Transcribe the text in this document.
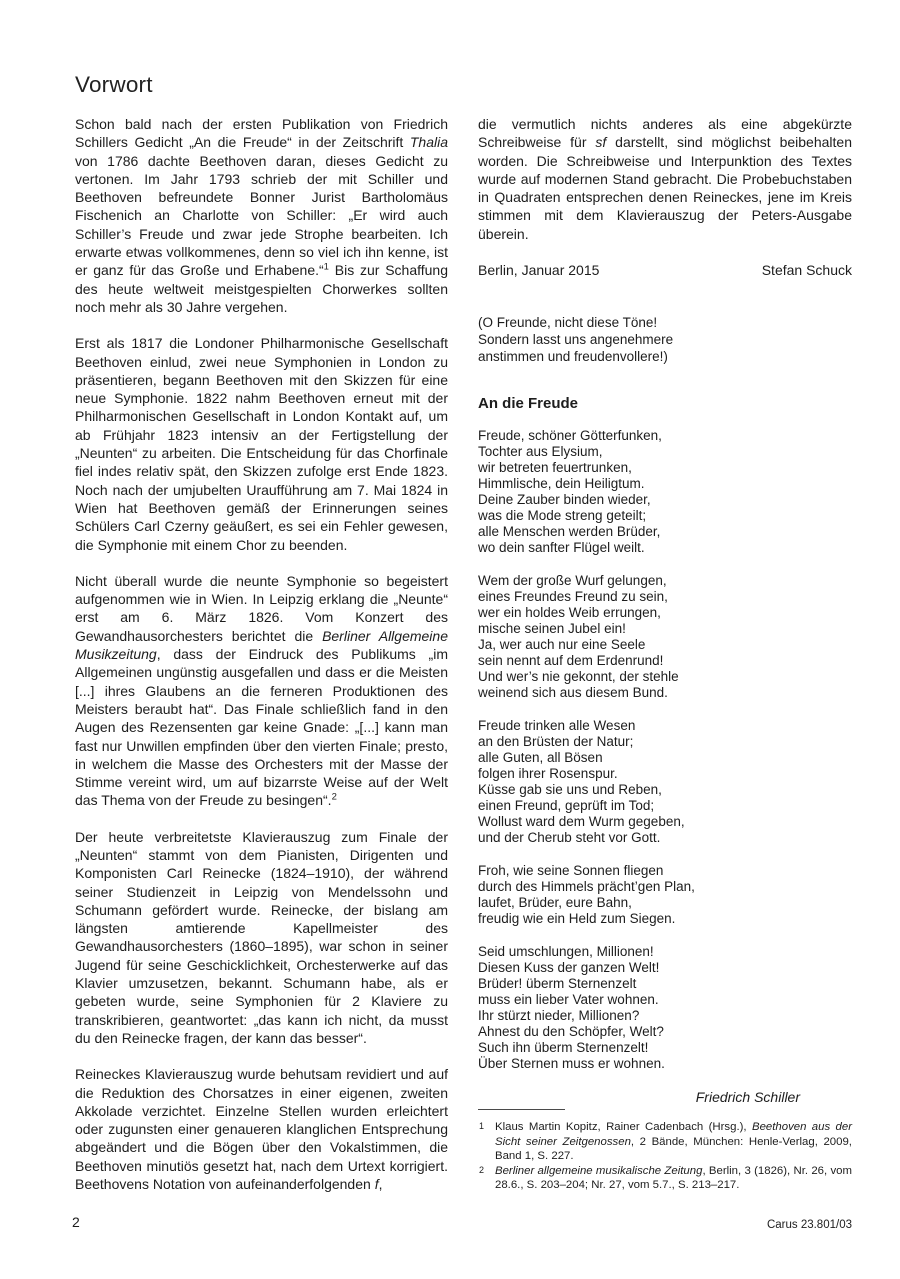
Vorwort

Schon bald nach der ersten Publikation von Friedrich Schillers Gedicht „An die Freude“ in der Zeitschrift Thalia von 1786 dachte Beethoven daran, dieses Gedicht zu vertonen. Im Jahr 1793 schrieb der mit Schiller und Beethoven befreundete Bonner Jurist Bartholomäus Fischenich an Charlotte von Schiller: „Er wird auch Schiller’s Freude und zwar jede Strophe bearbeiten. Ich erwarte etwas vollkommenes, denn so viel ich ihn kenne, ist er ganz für das Große und Erhabene.“$^1$ Bis zur Schaffung des heute weltweit meistgespielten Chorwerkes sollten noch mehr als 30 Jahre vergehen.

Erst als 1817 die Londoner Philharmonische Gesellschaft Beethoven einlud, zwei neue Symphonien in London zu präsentieren, begann Beethoven mit den Skizzen für eine neue Symphonie. 1822 nahm Beethoven erneut mit der Philharmonischen Gesellschaft in London Kontakt auf, um ab Frühjahr 1823 intensiv an der Fertigstellung der „Neunten“ zu arbeiten. Die Entscheidung für das Chorfinale fiel indes relativ spät, den Skizzen zufolge erst Ende 1823. Noch nach der umjubelten Uraufführung am 7. Mai 1824 in Wien hat Beethoven gemäß der Erinnerungen seines Schülers Carl Czerny geäußert, es sei ein Fehler gewesen, die Symphonie mit einem Chor zu beenden.

Nicht überall wurde die neunte Symphonie so begeistert aufgenommen wie in Wien. In Leipzig erklang die „Neunte“ erst am 6. März 1826. Vom Konzert des Gewandhausorchesters berichtet die Berliner Allgemeine Musikzeitung, dass der Eindruck des Publikums „im Allgemeinen ungünstig ausgefallen und dass er die Meisten [...] ihres Glaubens an die ferneren Produktionen des Meisters beraubt hat“. Das Finale schließlich fand in den Augen des Rezensenten gar keine Gnade: „[...] kann man fast nur Unwillen empfinden über den vierten Finale; presto, in welchem die Masse des Orchesters mit der Masse der Stimme vereint wird, um auf bizarrste Weise auf der Welt das Thema von der Freude zu besingen“.$^2$

Der heute verbreitetste Klavierauszug zum Finale der „Neunten“ stammt von dem Pianisten, Dirigenten und Komponisten Carl Reinecke (1824–1910), der während seiner Studienzeit in Leipzig von Mendelssohn und Schumann gefördert wurde. Reinecke, der bislang am längsten amtierende Kapellmeister des Gewandhausorchesters (1860–1895), war schon in seiner Jugend für seine Geschicklichkeit, Orchesterwerke auf das Klavier umzusetzen, bekannt. Schumann habe, als er gebeten wurde, seine Symphonien für 2 Klaviere zu transkribieren, geantwortet: „das kann ich nicht, da musst du den Reinecke fragen, der kann das besser“.

Reineckes Klavierauszug wurde behutsam revidiert und auf die Reduktion des Chorsatzes in einer eigenen, zweiten Akkolade verzichtet. Einzelne Stellen wurden erleichtert oder zugunsten einer genaueren klanglichen Entsprechung abgeändert und die Bögen über den Vokalstimmen, die Beethoven minutiös gesetzt hat, nach dem Urtext korrigiert. Beethovens Notation von aufeinanderfolgenden f,

die vermutlich nichts anderes als eine abgekürzte Schreibweise für sf darstellt, sind möglichst beibehalten worden. Die Schreibweise und Interpunktion des Textes wurde auf modernen Stand gebracht. Die Probebuchstaben in Quadraten entsprechen denen Reineckes, jene im Kreis stimmen mit dem Klavierauszug der Peters-Ausgabe überein.

Berlin, Januar 2015	Stefan Schuck
(O Freunde, nicht diese Töne!
Sondern lasst uns angenehmere
anstimmen und freudenvollere!)
An die Freude
Freude, schöner Götterfunken,
Tochter aus Elysium,
wir betreten feuertrunken,
Himmlische, dein Heiligtum.
Deine Zauber binden wieder,
was die Mode streng geteilt;
alle Menschen werden Brüder,
wo dein sanfter Flügel weilt.
Wem der große Wurf gelungen,
eines Freundes Freund zu sein,
wer ein holdes Weib errungen,
mische seinen Jubel ein!
Ja, wer auch nur eine Seele
sein nennt auf dem Erdenrund!
Und wer’s nie gekonnt, der stehle
weinend sich aus diesem Bund.
Freude trinken alle Wesen
an den Brüsten der Natur;
alle Guten, all Bösen
folgen ihrer Rosenspur.
Küsse gab sie uns und Reben,
einen Freund, geprüft im Tod;
Wollust ward dem Wurm gegeben,
und der Cherub steht vor Gott.
Froh, wie seine Sonnen fliegen
durch des Himmels prächt’gen Plan,
laufet, Brüder, eure Bahn,
freudig wie ein Held zum Siegen.
Seid umschlungen, Millionen!
Diesen Kuss der ganzen Welt!
Brüder! überm Sternenzelt
muss ein lieber Vater wohnen.
Ihr stürzt nieder, Millionen?
Ahnest du den Schöpfer, Welt?
Such ihn überm Sternenzelt!
Über Sternen muss er wohnen.
Friedrich Schiller
1 Klaus Martin Kopitz, Rainer Cadenbach (Hrsg.), Beethoven aus der Sicht seiner Zeitgenossen, 2 Bände, München: Henle-Verlag, 2009, Band 1, S. 227.
2 Berliner allgemeine musikalische Zeitung, Berlin, 3 (1826), Nr. 26, vom 28.6., S. 203–204; Nr. 27, vom 5.7., S. 213–217.
2	Carus 23.801/03
